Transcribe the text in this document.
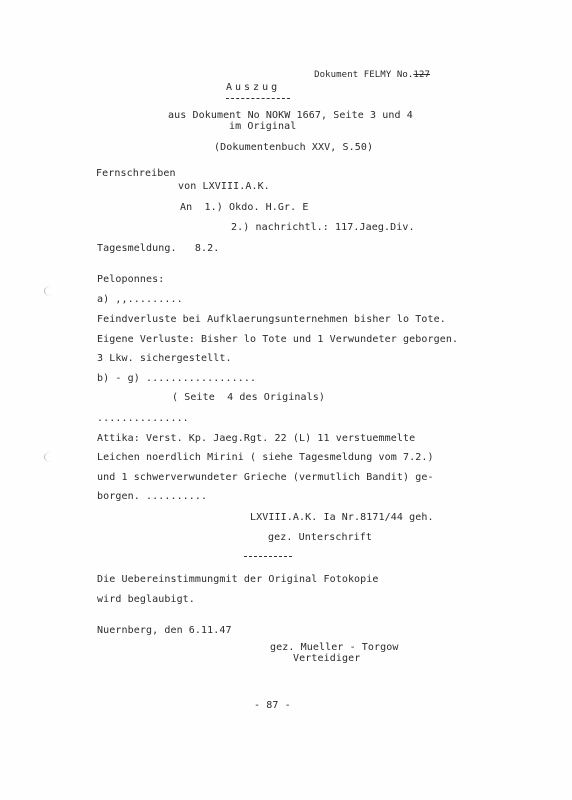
Dokument FELMY No.127

Auszug
aus Dokument No NOKW 1667, Seite 3 und 4
im Original
(Dokumentenbuch XXV, S.50)
Fernschreiben
von LXVIII.A.K.
An  1.) Okdo. H.Gr. E
2.) nachrichtl.: 117.Jaeg.Div.
Tagesmeldung.   8.2.
Peloponnes:
a) ,,.........
Feindverluste bei Aufklaerungsunternehmen bisher lo Tote.
Eigene Verluste: Bisher lo Tote und 1 Verwundeter geborgen.
3 Lkw. sichergestellt.
b) - g) ..................
( Seite  4 des Originals)
...............
Attika: Verst. Kp. Jaeg.Rgt. 22 (L) 11 verstuemmelte
Leichen noerdlich Mirini ( siehe Tagesmeldung vom 7.2.)
und 1 schwerverwundeter Grieche (vermutlich Bandit) ge-
borgen. ..........
LXVIII.A.K. Ia Nr.8171/44 geh.
gez. Unterschrift
Die Uebereinstimmungmit der Original Fotokopie
wird beglaubigt.
Nuernberg, den 6.11.47
gez. Mueller - Torgow
Verteidiger
- 87 -
